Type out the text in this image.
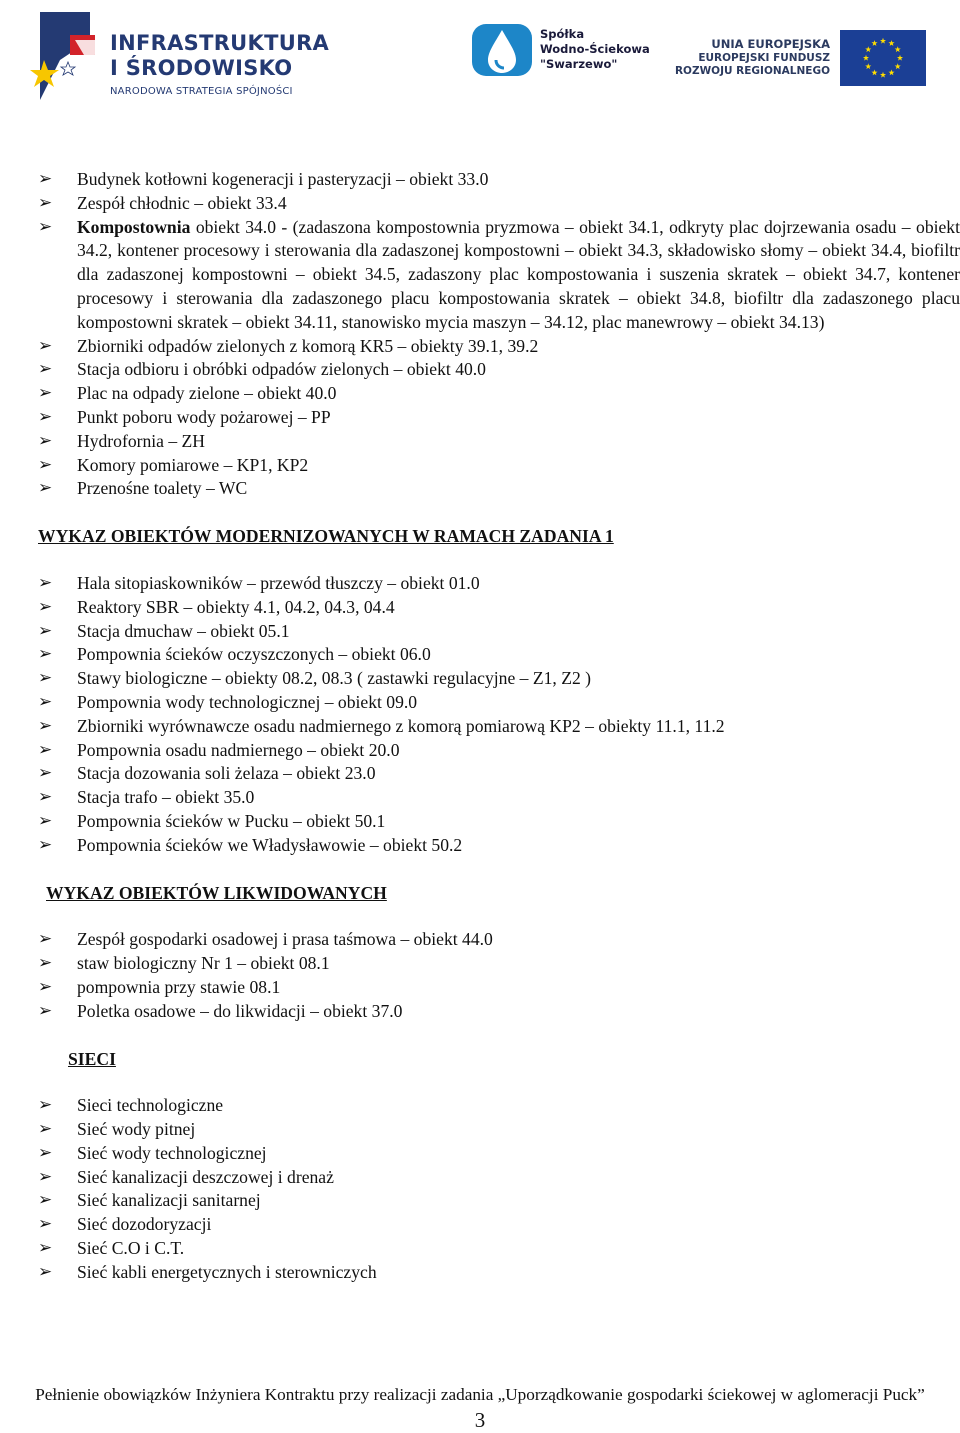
INFRASTRUKTURA
I ŚRODOWISKO
NARODOWA STRATEGIA SPÓJNOŚCI
Spółka
Wodno-Ściekowa
"Swarzewo"
UNIA EUROPEJSKA
EUROPEJSKI FUNDUSZ
ROZWOJU REGIONALNEGO
➢ Budynek kotłowni kogeneracji i pasteryzacji – obiekt 33.0
➢ Zespół chłodnic – obiekt 33.4
➢ Kompostownia obiekt 34.0 - (zadaszona kompostownia pryzmowa – obiekt 34.1, odkryty plac dojrzewania osadu – obiekt 34.2, kontener procesowy i sterowania dla zadaszonej kompostowni – obiekt 34.3, składowisko słomy – obiekt 34.4, biofiltr dla zadaszonej kompostowni – obiekt 34.5, zadaszony plac kompostowania i suszenia skratek – obiekt 34.7, kontener procesowy i sterowania dla zadaszonego placu kompostowania skratek – obiekt 34.8, biofiltr dla zadaszonego placu kompostowni skratek – obiekt 34.11, stanowisko mycia maszyn – 34.12, plac manewrowy – obiekt 34.13)
➢ Zbiorniki odpadów zielonych z komorą KR5 – obiekty 39.1, 39.2
➢ Stacja odbioru i obróbki odpadów zielonych – obiekt 40.0
➢ Plac na odpady zielone – obiekt 40.0
➢ Punkt poboru wody pożarowej – PP
➢ Hydrofornia – ZH
➢ Komory pomiarowe – KP1, KP2
➢ Przenośne toalety – WC
WYKAZ OBIEKTÓW MODERNIZOWANYCH W RAMACH ZADANIA 1
➢ Hala sitopiaskowników – przewód tłuszczy – obiekt 01.0
➢ Reaktory SBR – obiekty 4.1, 04.2, 04.3, 04.4
➢ Stacja dmuchaw – obiekt 05.1
➢ Pompownia ścieków oczyszczonych – obiekt 06.0
➢ Stawy biologiczne – obiekty 08.2, 08.3 ( zastawki regulacyjne – Z1, Z2 )
➢ Pompownia wody technologicznej – obiekt 09.0
➢ Zbiorniki wyrównawcze osadu nadmiernego z komorą pomiarową KP2 – obiekty 11.1, 11.2
➢ Pompownia osadu nadmiernego – obiekt 20.0
➢ Stacja dozowania soli żelaza – obiekt 23.0
➢ Stacja trafo – obiekt 35.0
➢ Pompownia ścieków w Pucku – obiekt 50.1
➢ Pompownia ścieków we Władysławowie – obiekt 50.2
WYKAZ OBIEKTÓW LIKWIDOWANYCH
➢ Zespół gospodarki osadowej i prasa taśmowa – obiekt 44.0
➢ staw biologiczny Nr 1 – obiekt 08.1
➢ pompownia przy stawie 08.1
➢ Poletka osadowe – do likwidacji – obiekt 37.0
SIECI
➢ Sieci technologiczne
➢ Sieć wody pitnej
➢ Sieć wody technologicznej
➢ Sieć kanalizacji deszczowej i drenaż
➢ Sieć kanalizacji sanitarnej
➢ Sieć dozodoryzacji
➢ Sieć C.O i C.T.
➢ Sieć kabli energetycznych i sterowniczych
Pełnienie obowiązków Inżyniera Kontraktu przy realizacji zadania „Uporządkowanie gospodarki ściekowej w aglomeracji Puck”
3
